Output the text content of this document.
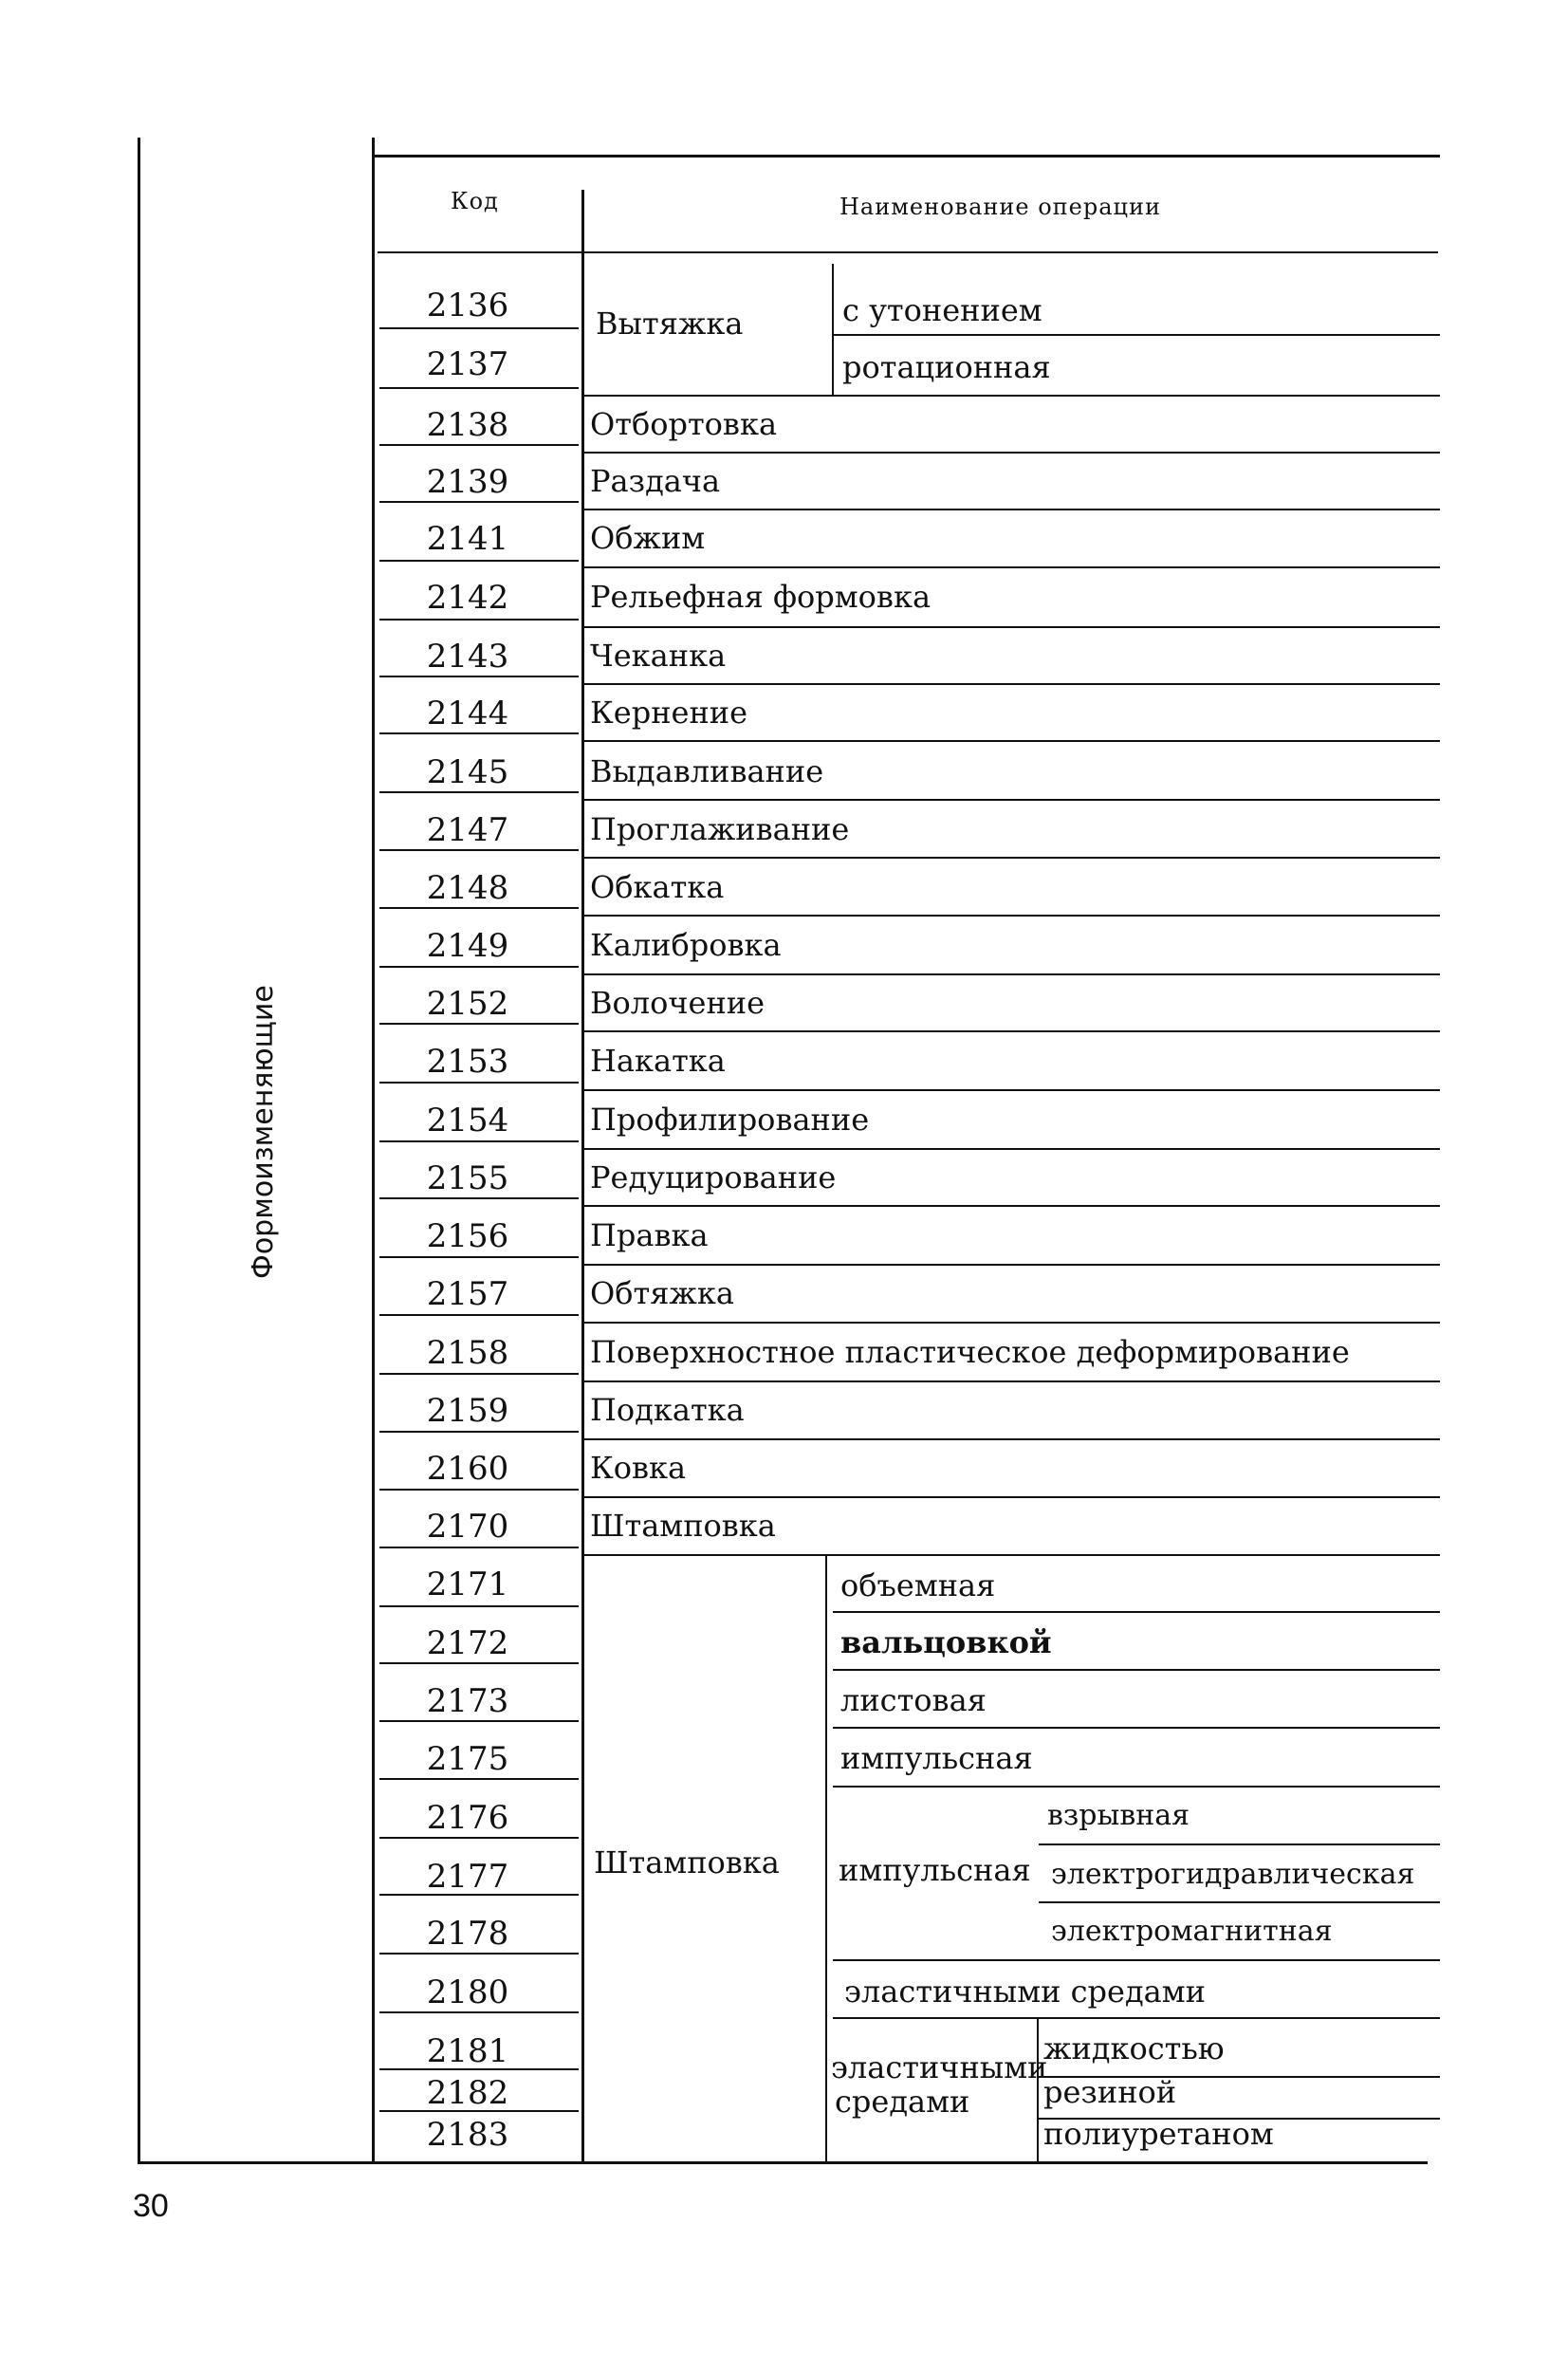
Код	Наименование операции
Формоизменяющие
2136
2137
2138
2139
2141
2142
2143
2144
2145
2147
2148
2149
2152
2153
2154
2155
2156
2157
2158
2159
2160
2170
2171
2172
2173
2175
2176
2177
2178
2180
2181
2182
2183
Вытяжка	с утонением
ротационная
Отбортовка
Раздача
Обжим
Рельефная формовка
Чеканка
Кернение
Выдавливание
Проглаживание
Обкатка
Калибровка
Волочение
Накатка
Профилирование
Редуцирование
Правка
Обтяжка
Поверхностное пластическое деформирование
Подкатка
Ковка
Штамповка
Штамповка
объемная
вальцовкой
листовая
импульсная
импульсная
взрывная
электрогидравлическая
электромагнитная
эластичными средами
эластичными
средами
жидкостью
резиной
полиуретаном
30
